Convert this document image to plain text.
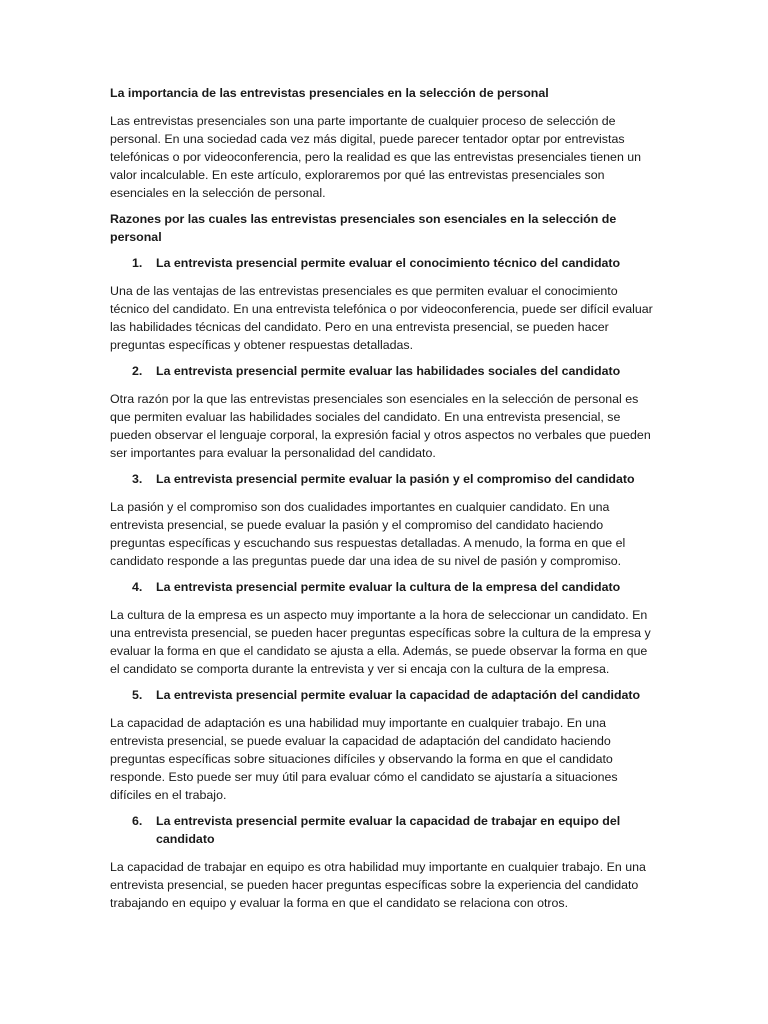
La importancia de las entrevistas presenciales en la selección de personal
Las entrevistas presenciales son una parte importante de cualquier proceso de selección de personal. En una sociedad cada vez más digital, puede parecer tentador optar por entrevistas telefónicas o por videoconferencia, pero la realidad es que las entrevistas presenciales tienen un valor incalculable. En este artículo, exploraremos por qué las entrevistas presenciales son esenciales en la selección de personal.
Razones por las cuales las entrevistas presenciales son esenciales en la selección de personal
1. La entrevista presencial permite evaluar el conocimiento técnico del candidato
Una de las ventajas de las entrevistas presenciales es que permiten evaluar el conocimiento técnico del candidato. En una entrevista telefónica o por videoconferencia, puede ser difícil evaluar las habilidades técnicas del candidato. Pero en una entrevista presencial, se pueden hacer preguntas específicas y obtener respuestas detalladas.
2. La entrevista presencial permite evaluar las habilidades sociales del candidato
Otra razón por la que las entrevistas presenciales son esenciales en la selección de personal es que permiten evaluar las habilidades sociales del candidato. En una entrevista presencial, se pueden observar el lenguaje corporal, la expresión facial y otros aspectos no verbales que pueden ser importantes para evaluar la personalidad del candidato.
3. La entrevista presencial permite evaluar la pasión y el compromiso del candidato
La pasión y el compromiso son dos cualidades importantes en cualquier candidato. En una entrevista presencial, se puede evaluar la pasión y el compromiso del candidato haciendo preguntas específicas y escuchando sus respuestas detalladas. A menudo, la forma en que el candidato responde a las preguntas puede dar una idea de su nivel de pasión y compromiso.
4. La entrevista presencial permite evaluar la cultura de la empresa del candidato
La cultura de la empresa es un aspecto muy importante a la hora de seleccionar un candidato. En una entrevista presencial, se pueden hacer preguntas específicas sobre la cultura de la empresa y evaluar la forma en que el candidato se ajusta a ella. Además, se puede observar la forma en que el candidato se comporta durante la entrevista y ver si encaja con la cultura de la empresa.
5. La entrevista presencial permite evaluar la capacidad de adaptación del candidato
La capacidad de adaptación es una habilidad muy importante en cualquier trabajo. En una entrevista presencial, se puede evaluar la capacidad de adaptación del candidato haciendo preguntas específicas sobre situaciones difíciles y observando la forma en que el candidato responde. Esto puede ser muy útil para evaluar cómo el candidato se ajustaría a situaciones difíciles en el trabajo.
6. La entrevista presencial permite evaluar la capacidad de trabajar en equipo del candidato
La capacidad de trabajar en equipo es otra habilidad muy importante en cualquier trabajo. En una entrevista presencial, se pueden hacer preguntas específicas sobre la experiencia del candidato trabajando en equipo y evaluar la forma en que el candidato se relaciona con otros.
